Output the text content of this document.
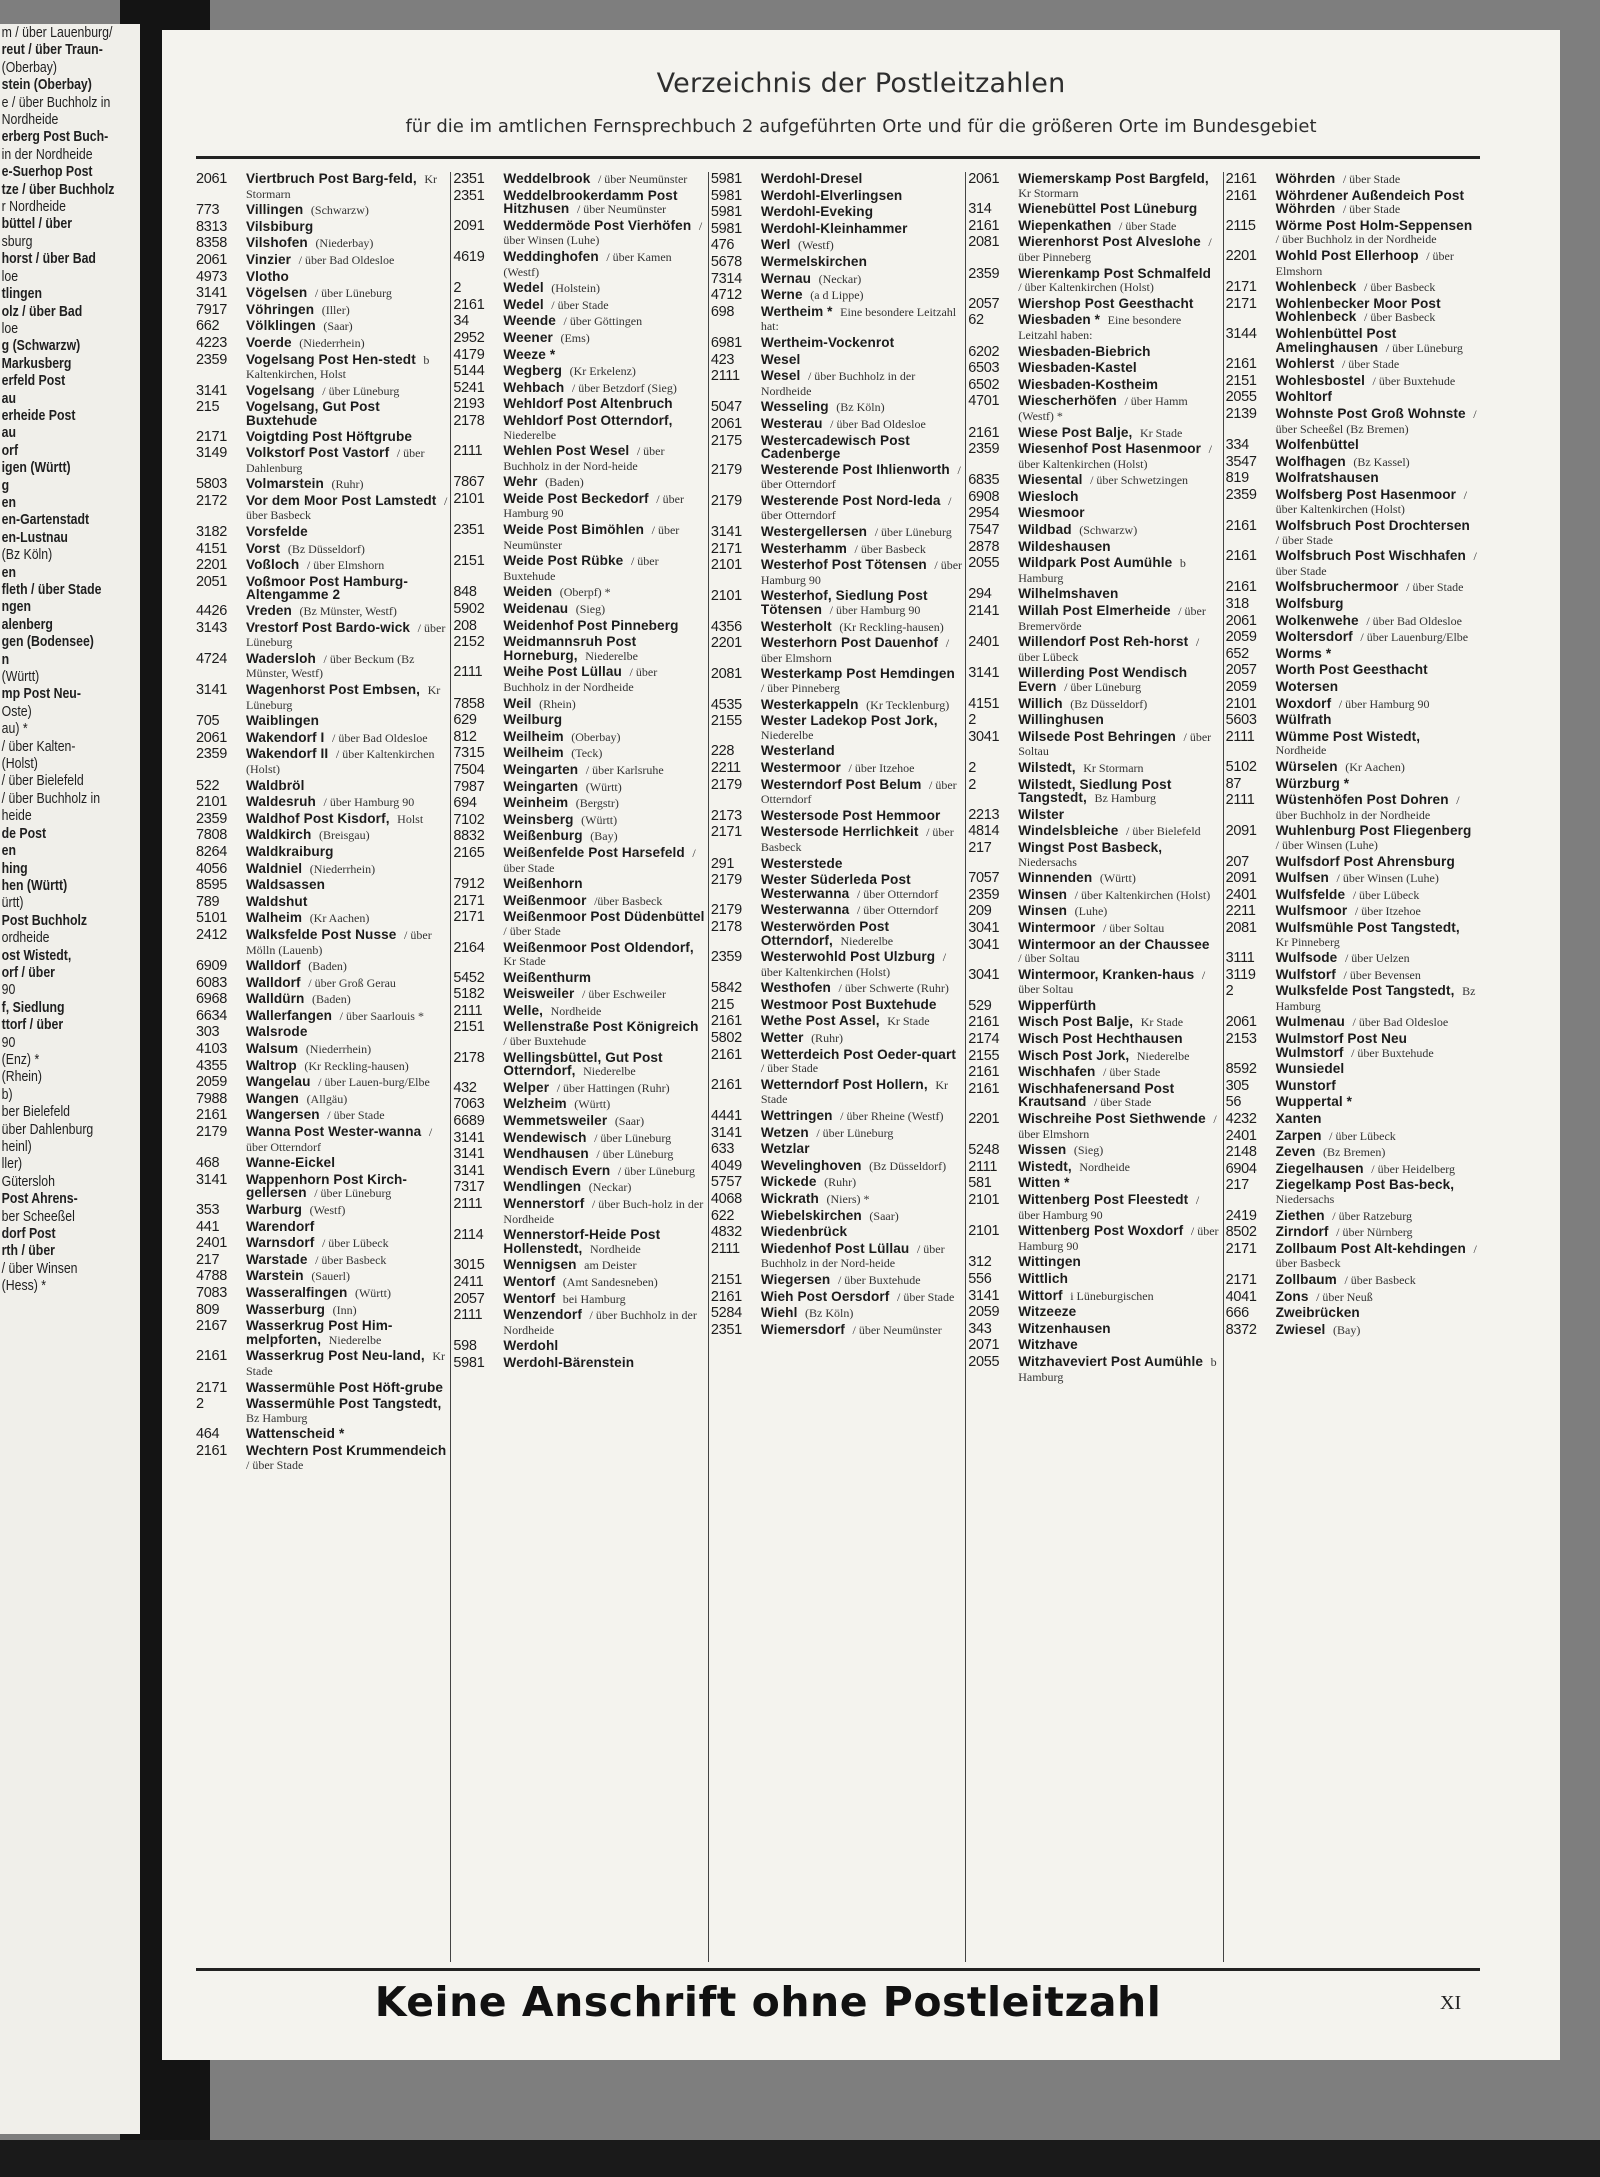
m / über Lauenburg/
reut / über Traun-
(Oberbay)
stein (Oberbay)
e / über Buchholz in
Nordheide
erberg Post Buch-
in der Nordheide
e-Suerhop Post
tze / über Buchholz
r Nordheide
büttel / über
sburg
horst / über Bad
loe
tlingen
olz / über Bad
loe
g (Schwarzw)
Markusberg
erfeld Post
au
erheide Post
au
orf
igen (Württ)
g
en
en-Gartenstadt
en-Lustnau
(Bz Köln)
en
fleth / über Stade
ngen
alenberg
gen (Bodensee)
n
(Württ)
mp Post Neu-
Oste)
au) *
/ über Kalten-
(Holst)
/ über Bielefeld
/ über Buchholz in
heide
de Post
en
hing
hen (Württ)
ürtt)
Post Buchholz
ordheide
ost Wistedt,
orf / über
90
f, Siedlung
ttorf / über
90
(Enz) *
(Rhein)
b)
ber Bielefeld
über Dahlenburg
heinl)
ller)
Gütersloh
Post Ahrens-
ber Scheeßel
dorf Post
rth / über
/ über Winsen
(Hess) *
Verzeichnis der Postleitzahlen
für die im amtlichen Fernsprechbuch 2 aufgeführten Orte und für die größeren Orte im Bundesgebiet
2061	Viertbruch Post Barg-feld, Kr Stormarn
773	Villingen (Schwarzw)
8313	Vilsbiburg
8358	Vilshofen (Niederbay)
2061	Vinzier / über Bad Oldesloe
4973	Vlotho
3141	Vögelsen / über Lüneburg
7917	Vöhringen (Iller)
662	Völklingen (Saar)
4223	Voerde (Niederrhein)
2359	Vogelsang Post Hen-stedt b Kaltenkirchen, Holst
3141	Vogelsang / über Lüneburg
215	Vogelsang, Gut Post Buxtehude
2171	Voigtding Post Höftgrube
3149	Volkstorf Post Vastorf / über Dahlenburg
5803	Volmarstein (Ruhr)
2172	Vor dem Moor Post Lamstedt / über Basbeck
3182	Vorsfelde
4151	Vorst (Bz Düsseldorf)
2201	Voßloch / über Elmshorn
2051	Voßmoor Post Hamburg-Altengamme 2
4426	Vreden (Bz Münster, Westf)
3143	Vrestorf Post Bardo-wick / über Lüneburg
4724	Wadersloh / über Beckum (Bz Münster, Westf)
3141	Wagenhorst Post Embsen, Kr Lüneburg
705	Waiblingen
2061	Wakendorf I / über Bad Oldesloe
2359	Wakendorf II / über Kaltenkirchen (Holst)
522	Waldbröl
2101	Waldesruh / über Hamburg 90
2359	Waldhof Post Kisdorf, Holst
7808	Waldkirch (Breisgau)
8264	Waldkraiburg
4056	Waldniel (Niederrhein)
8595	Waldsassen
789	Waldshut
5101	Walheim (Kr Aachen)
2412	Walksfelde Post Nusse / über Mölln (Lauenb)
6909	Walldorf (Baden)
6083	Walldorf / über Groß Gerau
6968	Walldürn (Baden)
6634	Wallerfangen / über Saarlouis *
303	Walsrode
4103	Walsum (Niederrhein)
4355	Waltrop (Kr Reckling-hausen)
2059	Wangelau / über Lauen-burg/Elbe
7988	Wangen (Allgäu)
2161	Wangersen / über Stade
2179	Wanna Post Wester-wanna / über Otterndorf
468	Wanne-Eickel
3141	Wappenhorn Post Kirch-gellersen / über Lüneburg
353	Warburg (Westf)
441	Warendorf
2401	Warnsdorf / über Lübeck
217	Warstade / über Basbeck
4788	Warstein (Sauerl)
7083	Wasseralfingen (Württ)
809	Wasserburg (Inn)
2167	Wasserkrug Post Him-melpforten, Niederelbe
2161	Wasserkrug Post Neu-land, Kr Stade
2171	Wassermühle Post Höft-grube
2	Wassermühle Post Tangstedt, Bz Hamburg
464	Wattenscheid *
2161	Wechtern Post Krummendeich / über Stade
2351	Weddelbrook / über Neumünster
2351	Weddelbrookerdamm Post Hitzhusen / über Neumünster
2091	Weddermöde Post Vierhöfen / über Winsen (Luhe)
4619	Weddinghofen / über Kamen (Westf)
2	Wedel (Holstein)
2161	Wedel / über Stade
34	Weende / über Göttingen
2952	Weener (Ems)
4179	Weeze *
5144	Wegberg (Kr Erkelenz)
5241	Wehbach / über Betzdorf (Sieg)
2193	Wehldorf Post Altenbruch
2178	Wehldorf Post Otterndorf, Niederelbe
2111	Wehlen Post Wesel / über Buchholz in der Nord-heide
7867	Wehr (Baden)
2101	Weide Post Beckedorf / über Hamburg 90
2351	Weide Post Bimöhlen / über Neumünster
2151	Weide Post Rübke / über Buxtehude
848	Weiden (Oberpf) *
5902	Weidenau (Sieg)
208	Weidenhof Post Pinneberg
2152	Weidmannsruh Post Horneburg, Niederelbe
2111	Weihe Post Lüllau / über Buchholz in der Nordheide
7858	Weil (Rhein)
629	Weilburg
812	Weilheim (Oberbay)
7315	Weilheim (Teck)
7504	Weingarten / über Karlsruhe
7987	Weingarten (Württ)
694	Weinheim (Bergstr)
7102	Weinsberg (Württ)
8832	Weißenburg (Bay)
2165	Weißenfelde Post Harsefeld / über Stade
7912	Weißenhorn
2171	Weißenmoor /über Basbeck
2171	Weißenmoor Post Düdenbüttel / über Stade
2164	Weißenmoor Post Oldendorf, Kr Stade
5452	Weißenthurm
5182	Weisweiler / über Eschweiler
2111	Welle, Nordheide
2151	Wellenstraße Post Königreich / über Buxtehude
2178	Wellingsbüttel, Gut Post Otterndorf, Niederelbe
432	Welper / über Hattingen (Ruhr)
7063	Welzheim (Württ)
6689	Wemmetsweiler (Saar)
3141	Wendewisch / über Lüneburg
3141	Wendhausen / über Lüneburg
3141	Wendisch Evern / über Lüneburg
7317	Wendlingen (Neckar)
2111	Wennerstorf / über Buch-holz in der Nordheide
2114	Wennerstorf-Heide Post Hollenstedt, Nordheide
3015	Wennigsen am Deister
2411	Wentorf (Amt Sandesneben)
2057	Wentorf bei Hamburg
2111	Wenzendorf / über Buchholz in der Nordheide
598	Werdohl
5981	Werdohl-Bärenstein
5981	Werdohl-Dresel
5981	Werdohl-Elverlingsen
5981	Werdohl-Eveking
5981	Werdohl-Kleinhammer
476	Werl (Westf)
5678	Wermelskirchen
7314	Wernau (Neckar)
4712	Werne (a d Lippe)
698	Wertheim * Eine besondere Leitzahl hat:
6981	Wertheim-Vockenrot
423	Wesel
2111	Wesel / über Buchholz in der Nordheide
5047	Wesseling (Bz Köln)
2061	Westerau / über Bad Oldesloe
2175	Westercadewisch Post Cadenberge
2179	Westerende Post Ihlienworth / über Otterndorf
2179	Westerende Post Nord-leda / über Otterndorf
3141	Westergellersen / über Lüneburg
2171	Westerhamm / über Basbeck
2101	Westerhof Post Tötensen / über Hamburg 90
2101	Westerhof, Siedlung Post Tötensen / über Hamburg 90
4356	Westerholt (Kr Reckling-hausen)
2201	Westerhorn Post Dauenhof / über Elmshorn
2081	Westerkamp Post Hemdingen / über Pinneberg
4535	Westerkappeln (Kr Tecklenburg)
2155	Wester Ladekop Post Jork, Niederelbe
228	Westerland
2211	Westermoor / über Itzehoe
2179	Westerndorf Post Belum / über Otterndorf
2173	Westersode Post Hemmoor
2171	Westersode Herrlichkeit / über Basbeck
291	Westerstede
2179	Wester Süderleda Post Westerwanna / über Otterndorf
2179	Westerwanna / über Otterndorf
2178	Westerwörden Post Otterndorf, Niederelbe
2359	Westerwohld Post Ulzburg / über Kaltenkirchen (Holst)
5842	Westhofen / über Schwerte (Ruhr)
215	Westmoor Post Buxtehude
2161	Wethe Post Assel, Kr Stade
5802	Wetter (Ruhr)
2161	Wetterdeich Post Oeder-quart / über Stade
2161	Wetterndorf Post Hollern, Kr Stade
4441	Wettringen / über Rheine (Westf)
3141	Wetzen / über Lüneburg
633	Wetzlar
4049	Wevelinghoven (Bz Düsseldorf)
5757	Wickede (Ruhr)
4068	Wickrath (Niers) *
622	Wiebelskirchen (Saar)
4832	Wiedenbrück
2111	Wiedenhof Post Lüllau / über Buchholz in der Nord-heide
2151	Wiegersen / über Buxtehude
2161	Wieh Post Oersdorf / über Stade
5284	Wiehl (Bz Köln)
2351	Wiemersdorf / über Neumünster
2061	Wiemerskamp Post Bargfeld, Kr Stormarn
314	Wienebüttel Post Lüneburg
2161	Wiepenkathen / über Stade
2081	Wierenhorst Post Alveslohe / über Pinneberg
2359	Wierenkamp Post Schmalfeld / über Kaltenkirchen (Holst)
2057	Wiershop Post Geesthacht
62	Wiesbaden * Eine besondere Leitzahl haben:
6202	Wiesbaden-Biebrich
6503	Wiesbaden-Kastel
6502	Wiesbaden-Kostheim
4701	Wiescherhöfen / über Hamm (Westf) *
2161	Wiese Post Balje, Kr Stade
2359	Wiesenhof Post Hasenmoor / über Kaltenkirchen (Holst)
6835	Wiesental / über Schwetzingen
6908	Wiesloch
2954	Wiesmoor
7547	Wildbad (Schwarzw)
2878	Wildeshausen
2055	Wildpark Post Aumühle b Hamburg
294	Wilhelmshaven
2141	Willah Post Elmerheide / über Bremervörde
2401	Willendorf Post Reh-horst / über Lübeck
3141	Willerding Post Wendisch Evern / über Lüneburg
4151	Willich (Bz Düsseldorf)
2	Willinghusen
3041	Wilsede Post Behringen / über Soltau
2	Wilstedt, Kr Stormarn
2	Wilstedt, Siedlung Post Tangstedt, Bz Hamburg
2213	Wilster
4814	Windelsbleiche / über Bielefeld
217	Wingst Post Basbeck, Niedersachs
7057	Winnenden (Württ)
2359	Winsen / über Kaltenkirchen (Holst)
209	Winsen (Luhe)
3041	Wintermoor / über Soltau
3041	Wintermoor an der Chaussee / über Soltau
3041	Wintermoor, Kranken-haus / über Soltau
529	Wipperfürth
2161	Wisch Post Balje, Kr Stade
2174	Wisch Post Hechthausen
2155	Wisch Post Jork, Niederelbe
2161	Wischhafen / über Stade
2161	Wischhafenersand Post Krautsand / über Stade
2201	Wischreihe Post Siethwende / über Elmshorn
5248	Wissen (Sieg)
2111	Wistedt, Nordheide
581	Witten *
2101	Wittenberg Post Fleestedt / über Hamburg 90
2101	Wittenberg Post Woxdorf / über Hamburg 90
312	Wittingen
556	Wittlich
3141	Wittorf i Lüneburgischen
2059	Witzeeze
343	Witzenhausen
2071	Witzhave
2055	Witzhaveviert Post Aumühle b Hamburg
2161	Wöhrden / über Stade
2161	Wöhrdener Außendeich Post Wöhrden / über Stade
2115	Wörme Post Holm-Seppensen / über Buchholz in der Nordheide
2201	Wohld Post Ellerhoop / über Elmshorn
2171	Wohlenbeck / über Basbeck
2171	Wohlenbecker Moor Post Wohlenbeck / über Basbeck
3144	Wohlenbüttel Post Amelinghausen / über Lüneburg
2161	Wohlerst / über Stade
2151	Wohlesbostel / über Buxtehude
2055	Wohltorf
2139	Wohnste Post Groß Wohnste / über Scheeßel (Bz Bremen)
334	Wolfenbüttel
3547	Wolfhagen (Bz Kassel)
819	Wolfratshausen
2359	Wolfsberg Post Hasenmoor / über Kaltenkirchen (Holst)
2161	Wolfsbruch Post Drochtersen / über Stade
2161	Wolfsbruch Post Wischhafen / über Stade
2161	Wolfsbruchermoor / über Stade
318	Wolfsburg
2061	Wolkenwehe / über Bad Oldesloe
2059	Woltersdorf / über Lauenburg/Elbe
652	Worms *
2057	Worth Post Geesthacht
2059	Wotersen
2101	Woxdorf / über Hamburg 90
5603	Wülfrath
2111	Wümme Post Wistedt, Nordheide
5102	Würselen (Kr Aachen)
87	Würzburg *
2111	Wüstenhöfen Post Dohren / über Buchholz in der Nordheide
2091	Wuhlenburg Post Fliegenberg / über Winsen (Luhe)
207	Wulfsdorf Post Ahrensburg
2091	Wulfsen / über Winsen (Luhe)
2401	Wulfsfelde / über Lübeck
2211	Wulfsmoor / über Itzehoe
2081	Wulfsmühle Post Tangstedt, Kr Pinneberg
3111	Wulfsode / über Uelzen
3119	Wulfstorf / über Bevensen
2	Wulksfelde Post Tangstedt, Bz Hamburg
2061	Wulmenau / über Bad Oldesloe
2153	Wulmstorf Post Neu Wulmstorf / über Buxtehude
8592	Wunsiedel
305	Wunstorf
56	Wuppertal *
4232	Xanten
2401	Zarpen / über Lübeck
2148	Zeven (Bz Bremen)
6904	Ziegelhausen / über Heidelberg
217	Ziegelkamp Post Bas-beck, Niedersachs
2419	Ziethen / über Ratzeburg
8502	Zirndorf / über Nürnberg
2171	Zollbaum Post Alt-kehdingen / über Basbeck
2171	Zollbaum / über Basbeck
4041	Zons / über Neuß
666	Zweibrücken
8372	Zwiesel (Bay)
Keine Anschrift ohne Postleitzahl	XI
